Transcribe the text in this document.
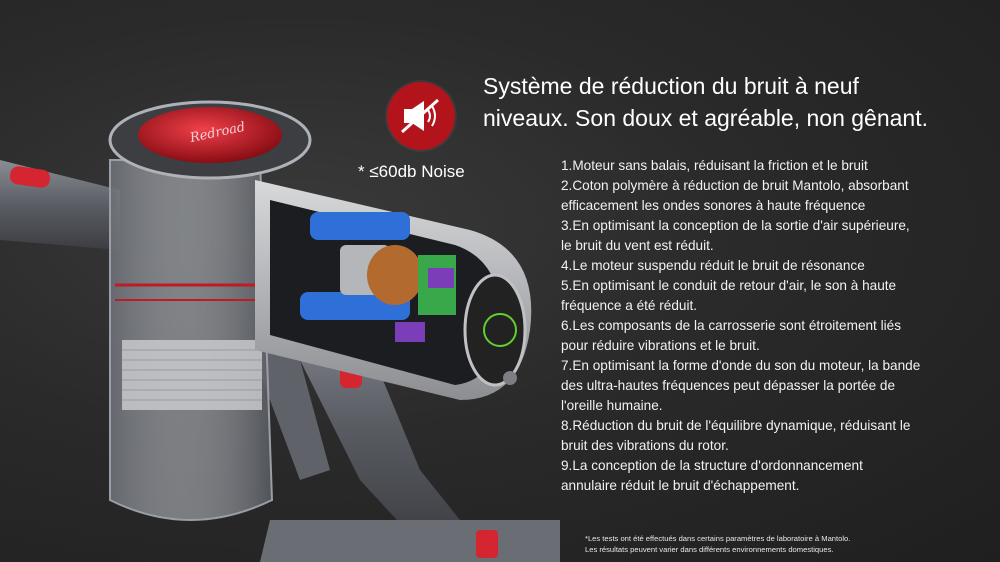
Redroad
* ≤60db Noise
Système de réduction du bruit à neuf
niveaux. Son doux et agréable, non gênant.
1.Moteur sans balais, réduisant la friction et le bruit
2.Coton polymère à réduction de bruit Mantolo, absorbant
efficacement les ondes sonores à haute fréquence
3.En optimisant la conception de la sortie d'air supérieure,
le bruit du vent est réduit.
4.Le moteur suspendu réduit le bruit de résonance
5.En optimisant le conduit de retour d'air, le son à haute
fréquence a été réduit.
6.Les composants de la carrosserie sont étroitement liés
pour réduire vibrations et le bruit.
7.En optimisant la forme d'onde du son du moteur, la bande
des ultra-hautes fréquences peut dépasser la portée de
l'oreille humaine.
8.Réduction du bruit de l'équilibre dynamique, réduisant le
bruit des vibrations du rotor.
9.La conception de la structure d'ordonnancement
annulaire réduit le bruit d'échappement.
*Les tests ont été effectués dans certains paramètres de laboratoire à Mantolo.
Les résultats peuvent varier dans différents environnements domestiques.
